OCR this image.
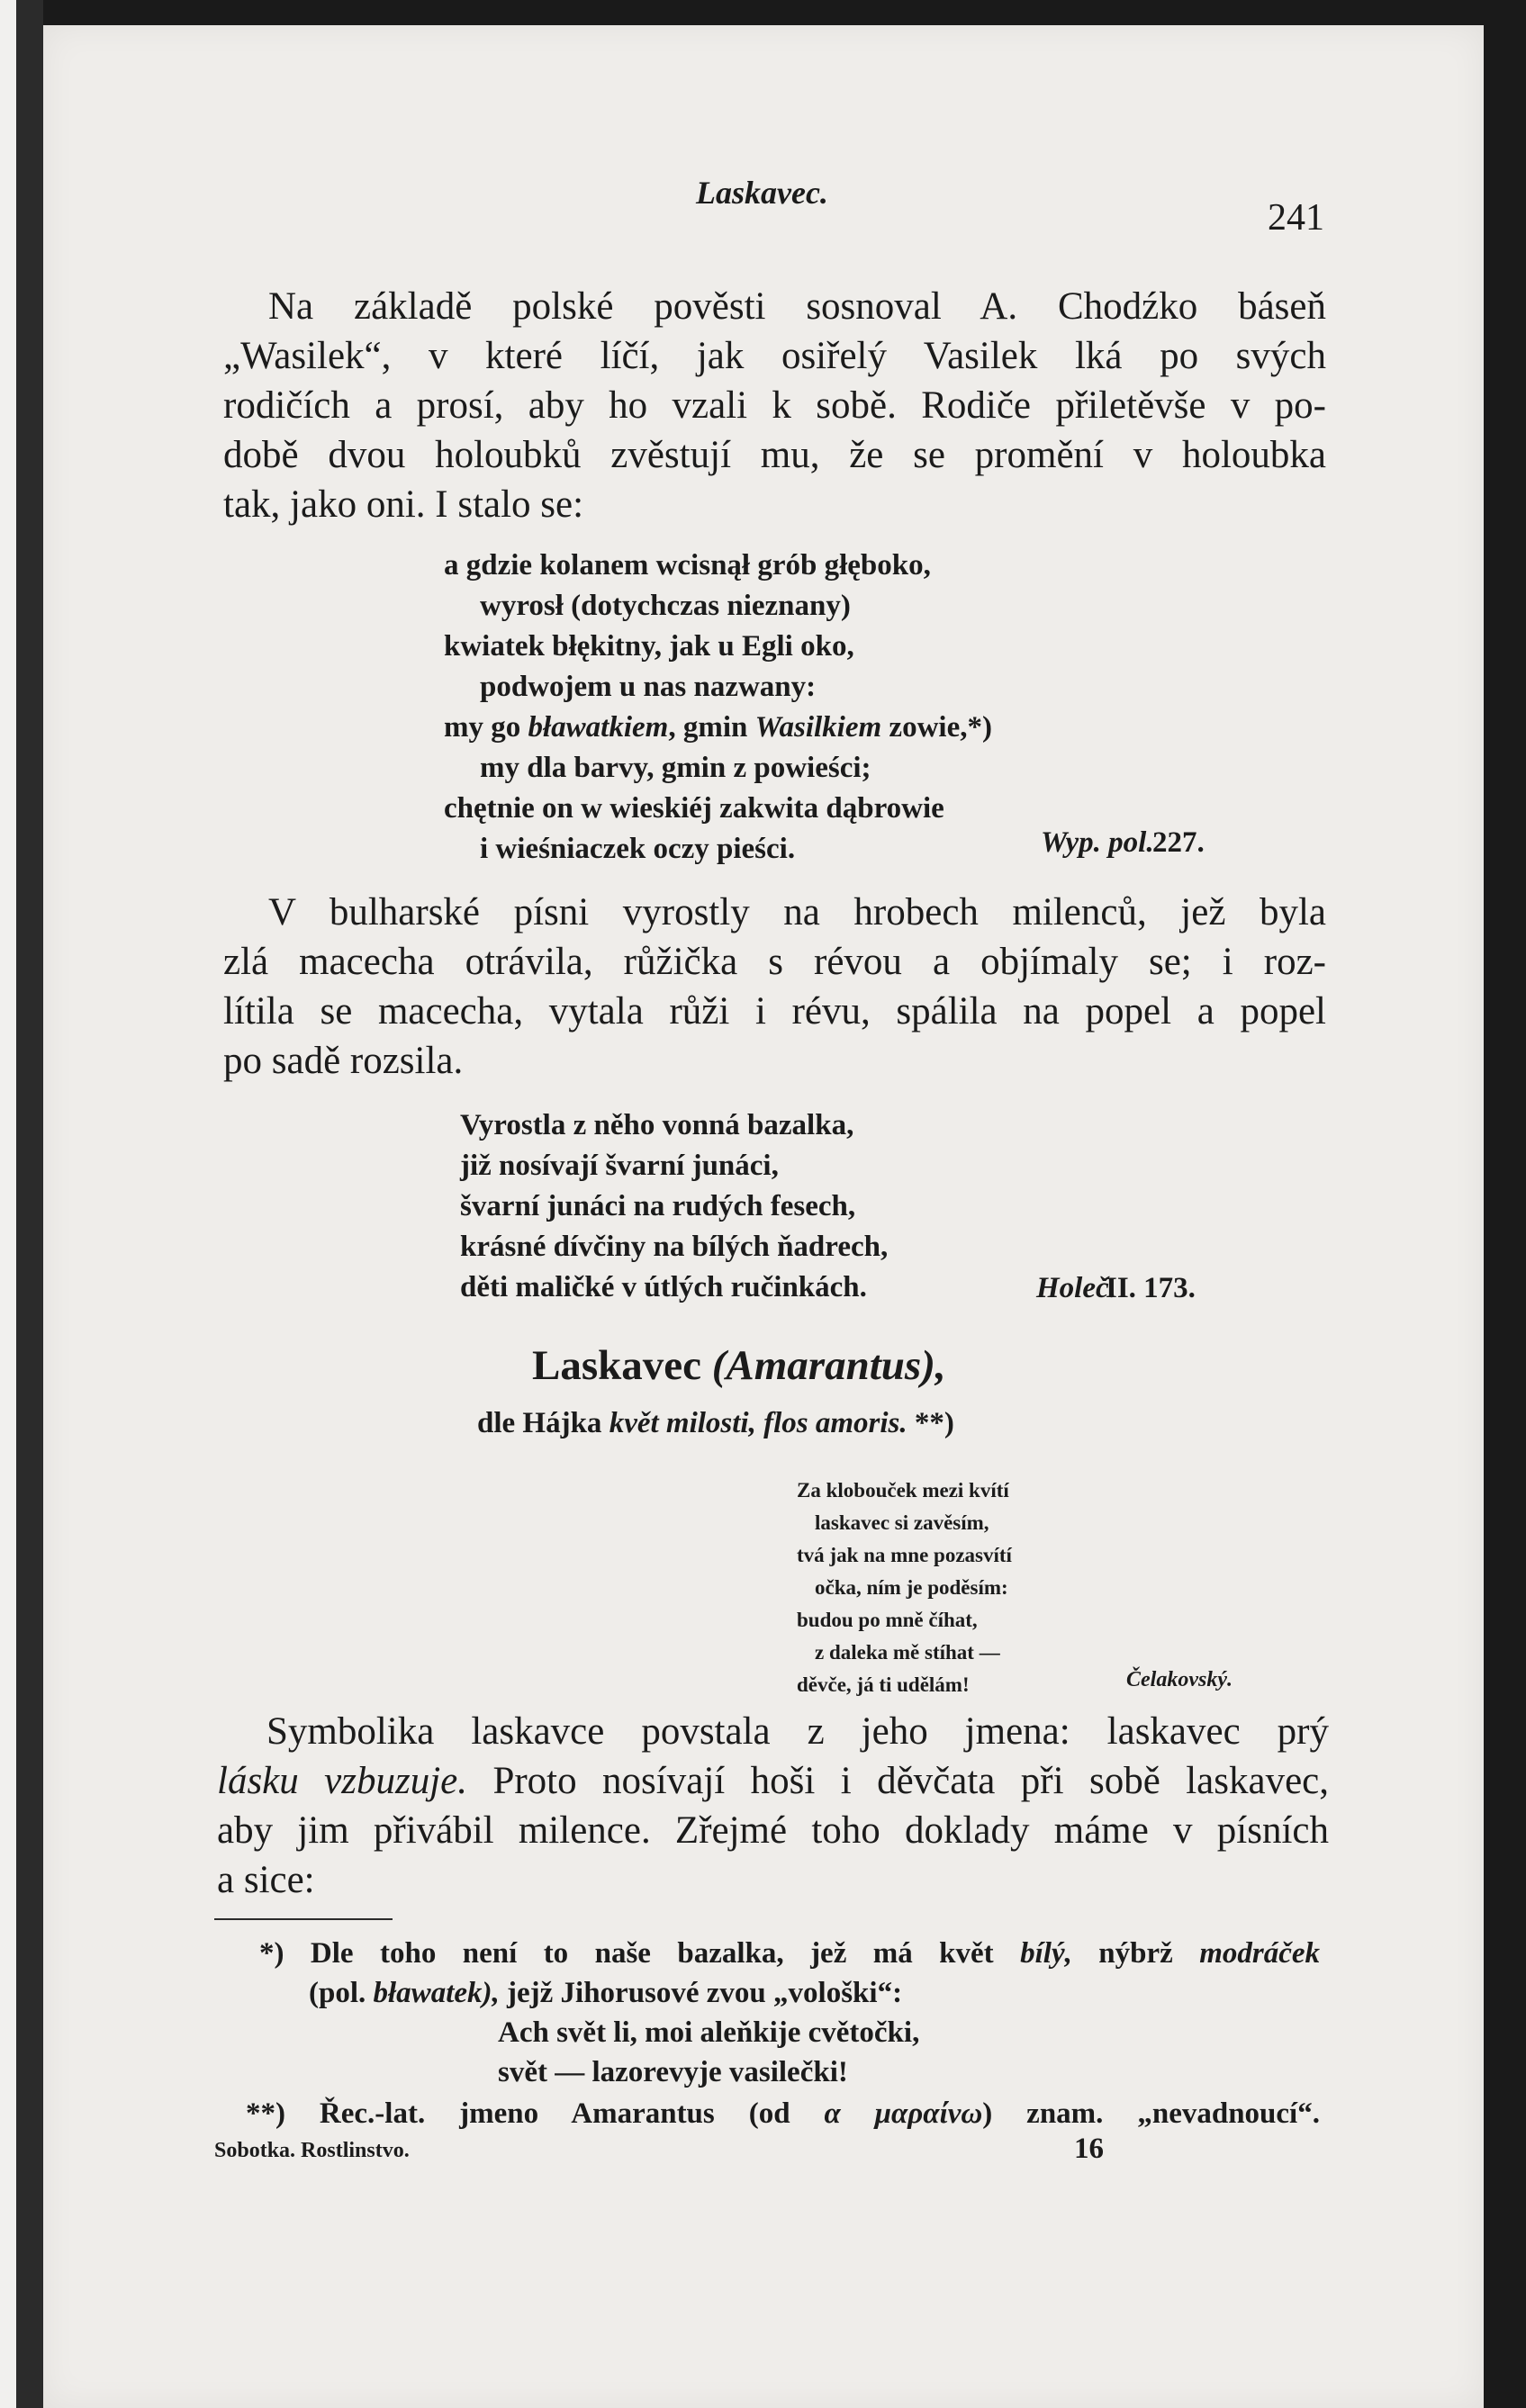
Laskavec.
241
Na základě polské pověsti sosnoval A. Chodźko báseň
„Wasilek“, v které líčí, jak osiřelý Vasilek lká po svých
rodičích a prosí, aby ho vzali k sobě. Rodiče přiletěvše v po-
době dvou holoubků zvěstují mu, že se promění v holoubka
tak, jako oni. I stalo se:
a gdzie kolanem wcisnął grób głęboko,
wyrosł (dotychczas nieznany)
kwiatek błękitny, jak u Egli oko,
podwojem u nas nazwany:
my go bławatkiem, gmin Wasilkiem zowie,*)
my dla barvy, gmin z powieści;
chętnie on w wieskiéj zakwita dąbrowie
i wieśniaczek oczy pieści.	Wyp. pol.
227.
V bulharské písni vyrostly na hrobech milenců, jež byla
zlá macecha otrávila, růžička s révou a objímaly se; i roz-
lítila se macecha, vytala růži i révu, spálila na popel a popel
po sadě rozsila.
Vyrostla z něho vonná bazalka,
již nosívají švarní junáci,
švarní junáci na rudých fesech,
krásné dívčiny na bílých ňadrech,
děti maličké v útlých ručinkách.	Holeč.
II. 173.
Laskavec (Amarantus),
dle Hájka květ milosti, flos amoris. **)
Za klobouček mezi kvítí
laskavec si zavěsím,
tvá jak na mne pozasvítí
očka, ním je poděsím:
budou po mně číhat,
z daleka mě stíhat —
děvče, já ti udělám!	Čelakovský.
Symbolika laskavce povstala z jeho jmena: laskavec prý
lásku vzbuzuje. Proto nosívají hoši i děvčata při sobě laskavec,
aby jim přivábil milence. Zřejmé toho doklady máme v písních
a sice:
*) Dle toho není to naše bazalka, jež má květ bílý, nýbrž modráček
(pol. bławatek), jejž Jihorusové zvou „vološki“:
Ach svět li, moi aleňkije cvětočki,
svět — lazorevyje vasilečki!
**) Řec.-lat. jmeno Amarantus (od α μαραίνω) znam. „nevadnoucí“.
Sobotka. Rostlinstvo.	16
